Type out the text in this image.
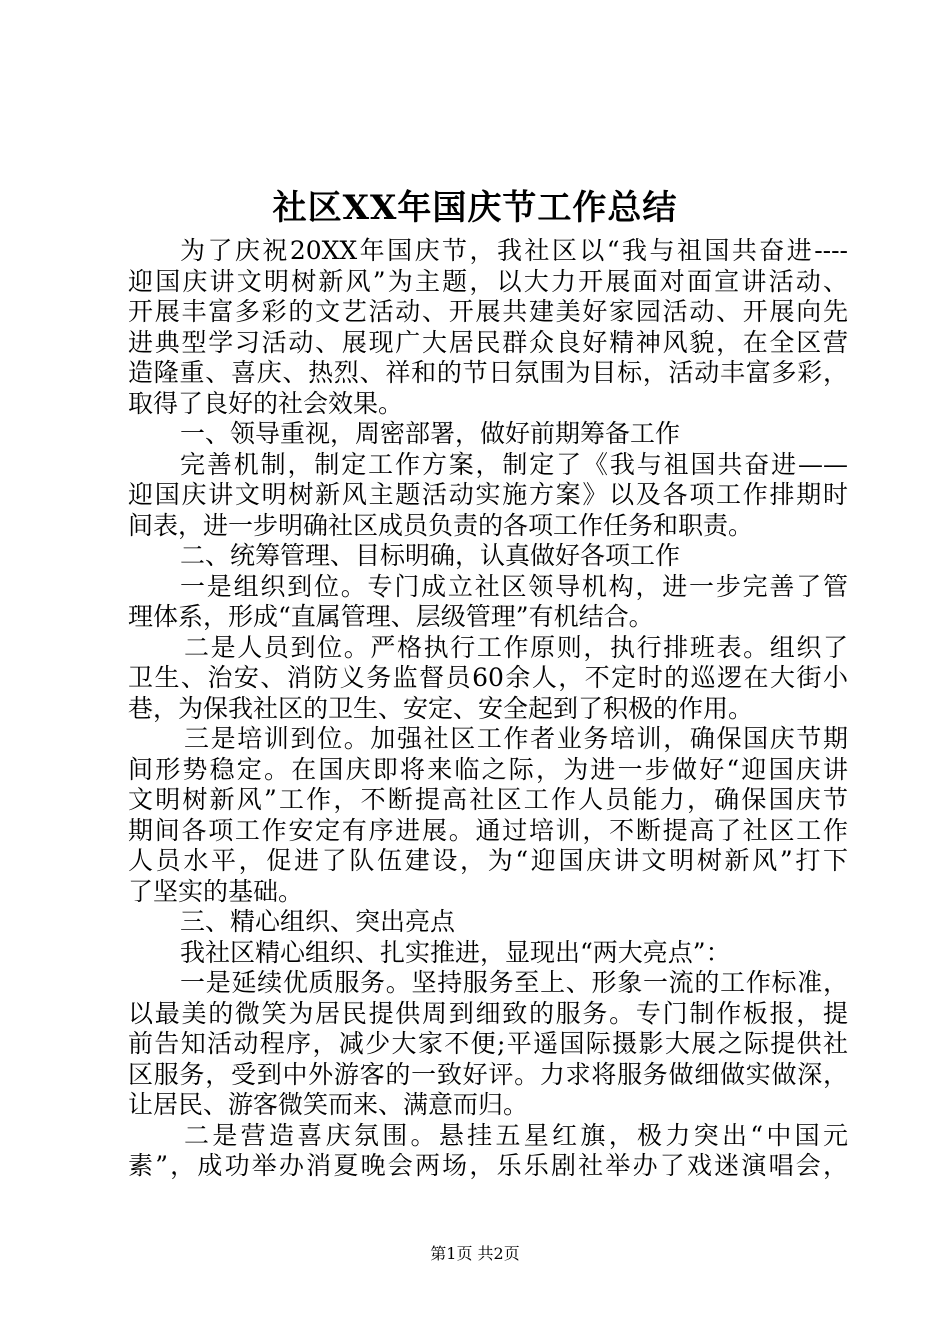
社区XX年国庆节工作总结
为了庆祝20XX年国庆节，我社区以“我与祖国共奋进----
迎国庆讲文明树新风”为主题，以大力开展面对面宣讲活动、
开展丰富多彩的文艺活动、开展共建美好家园活动、开展向先
进典型学习活动、展现广大居民群众良好精神风貌，在全区营
造隆重、喜庆、热烈、祥和的节日氛围为目标，活动丰富多彩，
取得了良好的社会效果。
一、领导重视，周密部署，做好前期筹备工作
完善机制，制定工作方案，制定了《我与祖国共奋进——
迎国庆讲文明树新风主题活动实施方案》以及各项工作排期时
间表，进一步明确社区成员负责的各项工作任务和职责。
二、统筹管理、目标明确，认真做好各项工作
一是组织到位。专门成立社区领导机构，进一步完善了管
理体系，形成“直属管理、层级管理”有机结合。
二是人员到位。严格执行工作原则，执行排班表。组织了
卫生、治安、消防义务监督员60余人，不定时的巡逻在大街小
巷，为保我社区的卫生、安定、安全起到了积极的作用。
三是培训到位。加强社区工作者业务培训，确保国庆节期
间形势稳定。在国庆即将来临之际，为进一步做好“迎国庆讲
文明树新风”工作，不断提高社区工作人员能力，确保国庆节
期间各项工作安定有序进展。通过培训，不断提高了社区工作
人员水平，促进了队伍建设，为“迎国庆讲文明树新风”打下
了坚实的基础。
三、精心组织、突出亮点
我社区精心组织、扎实推进，显现出“两大亮点”：
一是延续优质服务。坚持服务至上、形象一流的工作标准，
以最美的微笑为居民提供周到细致的服务。专门制作板报，提
前告知活动程序，减少大家不便;平遥国际摄影大展之际提供社
区服务，受到中外游客的一致好评。力求将服务做细做实做深，
让居民、游客微笑而来、满意而归。
二是营造喜庆氛围。悬挂五星红旗，极力突出“中国元
素”，成功举办消夏晚会两场，乐乐剧社举办了戏迷演唱会，
第1页 共2页
